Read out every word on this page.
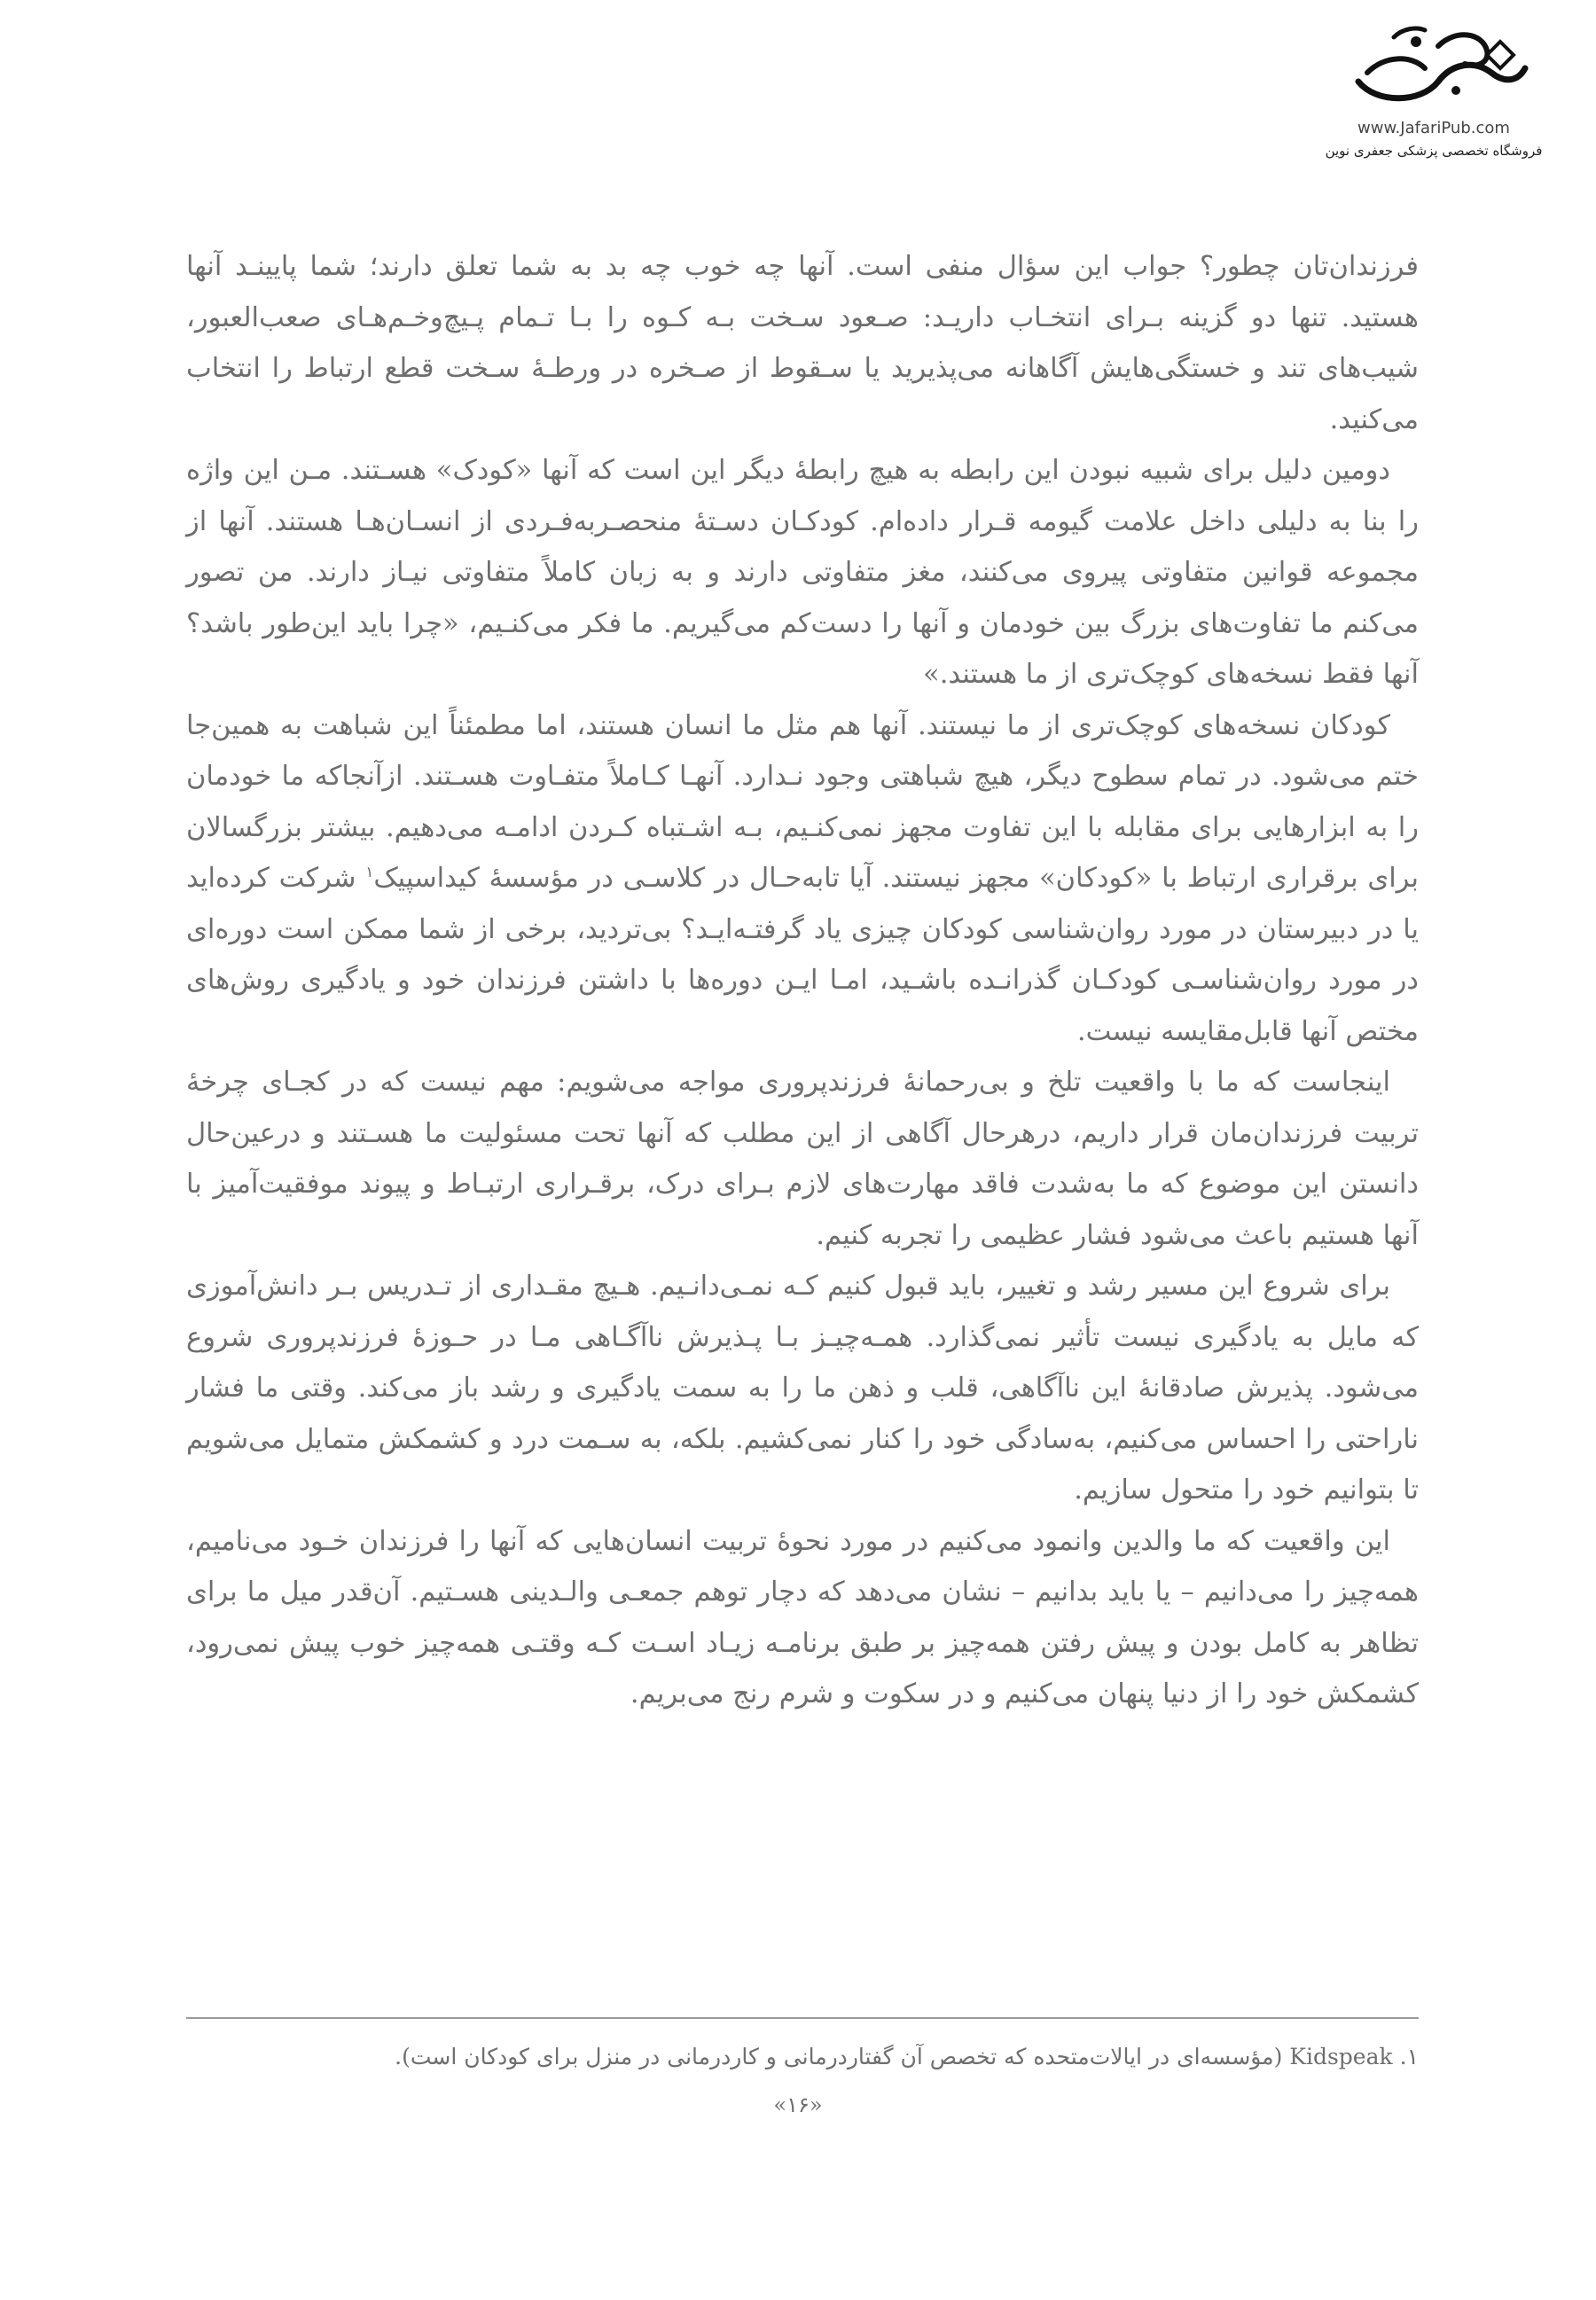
www.JafariPub.com
فروشگاه تخصصی پزشکی جعفری نوین

فرزندان‌تان چطور؟ جواب این سؤال منفی است. آنها چه خوب چه بد به شما تعلق دارند؛ شما پایینـد آنها هستید. تنها دو گزینه بـرای انتخـاب داریـد: صـعود سـخت بـه کـوه را بـا تـمام پـیچ‌وخـم‌هـای صعب‌العبور، شیب‌های تند و خستگی‌هایش آگاهانه می‌پذیرید یا سـقوط از صـخره در ورطـهٔ سـخت قطع ارتباط را انتخاب می‌کنید.

دومین دلیل برای شبیه نبودن این رابطه به هیچ رابطهٔ دیگر این است که آنها «کودک» هسـتند. مـن این واژه را بنا به دلیلی داخل علامت گیومه قـرار داده‌ام. کودکـان دسـتهٔ منحصـربه‌فـردی از انسـان‌هـا هستند. آنها از مجموعه قوانین متفاوتی پیروی می‌کنند، مغز متفاوتی دارند و به زبان کاملاً متفاوتی نیـاز دارند. من تصور می‌کنم ما تفاوت‌های بزرگ بین خودمان و آنها را دست‌کم می‌گیریم. ما فکر می‌کنـیم، «چرا باید این‌طور باشد؟ آنها فقط نسخه‌های کوچک‌تری از ما هستند.»

کودکان نسخه‌های کوچک‌تری از ما نیستند. آنها هم مثل ما انسان هستند، اما مطمئناً این شباهت به همین‌جا ختم می‌شود. در تمام سطوح دیگر، هیچ شباهتی وجود نـدارد. آنهـا کـاملاً متفـاوت هسـتند. ازآنجاکه ما خودمان را به ابزارهایی برای مقابله با این تفاوت مجهز نمی‌کنـیم، بـه اشـتباه کـردن ادامـه می‌دهیم. بیشتر بزرگسالان برای برقراری ارتباط با «کودکان» مجهز نیستند. آیا تابه‌حـال در کلاسـی در مؤسسهٔ کیداسپیک$^۱$ شرکت کرده‌اید یا در دبیرستان در مورد روان‌شناسی کودکان چیزی یاد گرفتـه‌ایـد؟ بی‌تردید، برخی از شما ممکن است دوره‌ای در مورد روان‌شناسـی کودکـان گذرانـده باشـید، امـا ایـن دوره‌ها با داشتن فرزندان خود و یادگیری روش‌های مختص آنها قابل‌مقایسه نیست.

اینجاست که ما با واقعیت تلخ و بی‌رحمانهٔ فرزندپروری مواجه می‌شویم: مهم نیست که در کجـای چرخهٔ تربیت فرزندان‌مان قرار داریم، درهرحال آگاهی از این مطلب که آنها تحت مسئولیت ما هسـتند و درعین‌حال دانستن این موضوع که ما به‌شدت فاقد مهارت‌های لازم بـرای درک، برقـراری ارتبـاط و پیوند موفقیت‌آمیز با آنها هستیم باعث می‌شود فشار عظیمی را تجربه کنیم.

برای شروع این مسیر رشد و تغییر، باید قبول کنیم کـه نمـی‌دانـیم. هـیچ مقـداری از تـدریس بـر دانش‌آموزی که مایل به یادگیری نیست تأثیر نمی‌گذارد. همـه‌چیـز بـا پـذیرش ناآگـاهی مـا در حـوزهٔ فرزندپروری شروع می‌شود. پذیرش صادقانهٔ این ناآگاهی، قلب و ذهن ما را به سمت یادگیری و رشد باز می‌کند. وقتی ما فشار ناراحتی را احساس می‌کنیم، به‌سادگی خود را کنار نمی‌کشیم. بلکه، به سـمت درد و کشمکش متمایل می‌شویم تا بتوانیم خود را متحول سازیم.

این واقعیت که ما والدین وانمود می‌کنیم در مورد نحوهٔ تربیت انسان‌هایی که آنها را فرزندان خـود می‌نامیم، همه‌چیز را می‌دانیم – یا باید بدانیم – نشان می‌دهد که دچار توهم جمعـی والـدینی هسـتیم. آن‌قدر میل ما برای تظاهر به کامل بودن و پیش رفتن همه‌چیز بر طبق برنامـه زیـاد اسـت کـه وقتـی همه‌چیز خوب پیش نمی‌رود، کشمکش خود را از دنیا پنهان می‌کنیم و در سکوت و شرم رنج می‌بریم.

۱. Kidspeak (مؤسسه‌ای در ایالات‌متحده که تخصص آن گفتاردرمانی و کاردرمانی در منزل برای کودکان است).
«۱۶»
